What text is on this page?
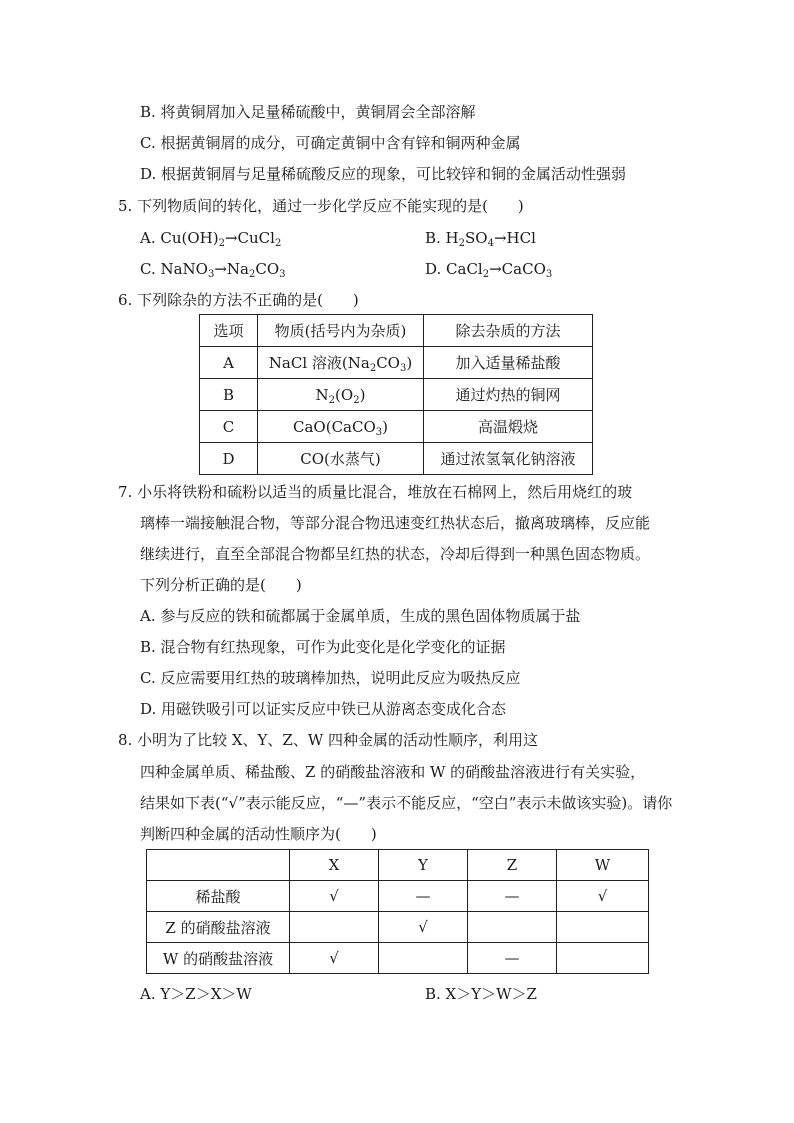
B. 将黄铜屑加入足量稀硫酸中，黄铜屑会全部溶解
C. 根据黄铜屑的成分，可确定黄铜中含有锌和铜两种金属
D. 根据黄铜屑与足量稀硫酸反应的现象，可比较锌和铜的金属活动性强弱
5. 下列物质间的转化，通过一步化学反应不能实现的是(　　)
A. $Cu(OH)_2\to CuCl_2$	B. $H_2SO_4\to HCl$
C. $NaNO_3\to Na_2CO_3$	D. CaCl$_2$→CaCO$_3$
6. 下列除杂的方法不正确的是(　　)
选项	物质(括号内为杂质)	除去杂质的方法
A	NaCl 溶液$(Na_2CO_3)$	加入适量稀盐酸
B	$N_2(O_2)$	通过灼热的铜网
C	CaO(CaCO$_3$)	高温煅烧
D	CO(水蒸气)	通过浓氢氧化钠溶液
7. 小乐将铁粉和硫粉以适当的质量比混合，堆放在石棉网上，然后用烧红的玻
璃棒一端接触混合物，等部分混合物迅速变红热状态后，撤离玻璃棒，反应能
继续进行，直至全部混合物都呈红热的状态，冷却后得到一种黑色固态物质。
下列分析正确的是(　　)
A. 参与反应的铁和硫都属于金属单质，生成的黑色固体物质属于盐
B. 混合物有红热现象，可作为此变化是化学变化的证据
C. 反应需要用红热的玻璃棒加热，说明此反应为吸热反应
D. 用磁铁吸引可以证实反应中铁已从游离态变成化合态
8. 小明为了比较 X、Y、Z、W 四种金属的活动性顺序，利用这
四种金属单质、稀盐酸、Z 的硝酸盐溶液和 W 的硝酸盐溶液进行有关实验，
结果如下表(“√”表示能反应，“—”表示不能反应，“空白”表示未做该实验)。请你
判断四种金属的活动性顺序为(　　)
	X	Y	Z	W
稀盐酸	√	—	—	√
Z 的硝酸盐溶液		√		
W 的硝酸盐溶液	√		—	
A. Y＞Z＞X＞W	B. X＞Y＞W＞Z
